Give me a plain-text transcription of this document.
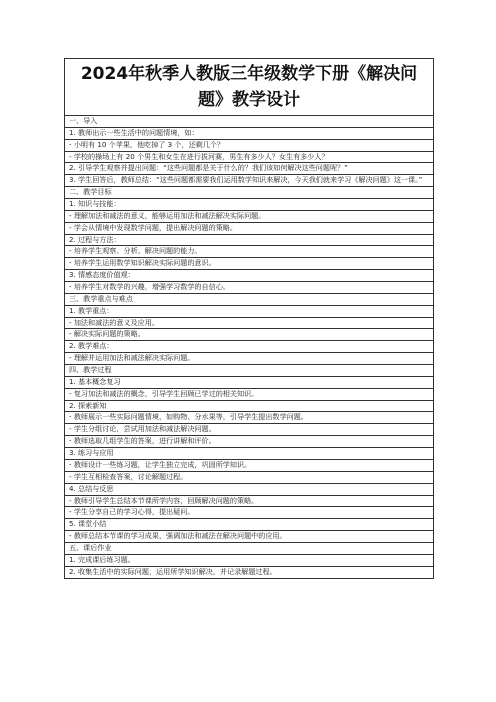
2024年秋季人教版三年级数学下册《解决问题》教学设计
一、导入
1. 教师出示一些生活中的问题情境，如：
- 小明有 10 个苹果，他吃掉了 3 个，还剩几个？
- 学校的操场上有 20 个男生和女生在进行拔河赛，男生有多少人？女生有多少人？
2. 引导学生观察并提出问题：“这些问题都是关于什么的？我们该如何解决这些问题呢？”
3. 学生回答后，教师总结：“这些问题都需要我们运用数学知识来解决，今天我们就来学习《解决问题》这一课。”
二、教学目标
1. 知识与技能：
- 理解加法和减法的意义，能够运用加法和减法解决实际问题。
- 学会从情境中发现数学问题，提出解决问题的策略。
2. 过程与方法：
- 培养学生观察、分析、解决问题的能力。
- 培养学生运用数学知识解决实际问题的意识。
3. 情感态度价值观：
- 培养学生对数学的兴趣，增强学习数学的自信心。
三、教学重点与难点
1. 教学重点：
- 加法和减法的意义及应用。
- 解决实际问题的策略。
2. 教学难点：
- 理解并运用加法和减法解决实际问题。
四、教学过程
1. 基本概念复习
- 复习加法和减法的概念，引导学生回顾已学过的相关知识。
2. 探索新知
- 教师展示一些实际问题情境，如购物、分水果等，引导学生提出数学问题。
- 学生分组讨论，尝试用加法和减法解决问题。
- 教师选取几组学生的答案，进行讲解和评价。
3. 练习与应用
- 教师设计一些练习题，让学生独立完成，巩固所学知识。
- 学生互相检查答案，讨论解题过程。
4. 总结与反思
- 教师引导学生总结本节课所学内容，回顾解决问题的策略。
- 学生分享自己的学习心得，提出疑问。
5. 课堂小结
- 教师总结本节课的学习成果，强调加法和减法在解决问题中的应用。
五、课后作业
1. 完成课后练习题。
2. 收集生活中的实际问题，运用所学知识解决，并记录解题过程。
